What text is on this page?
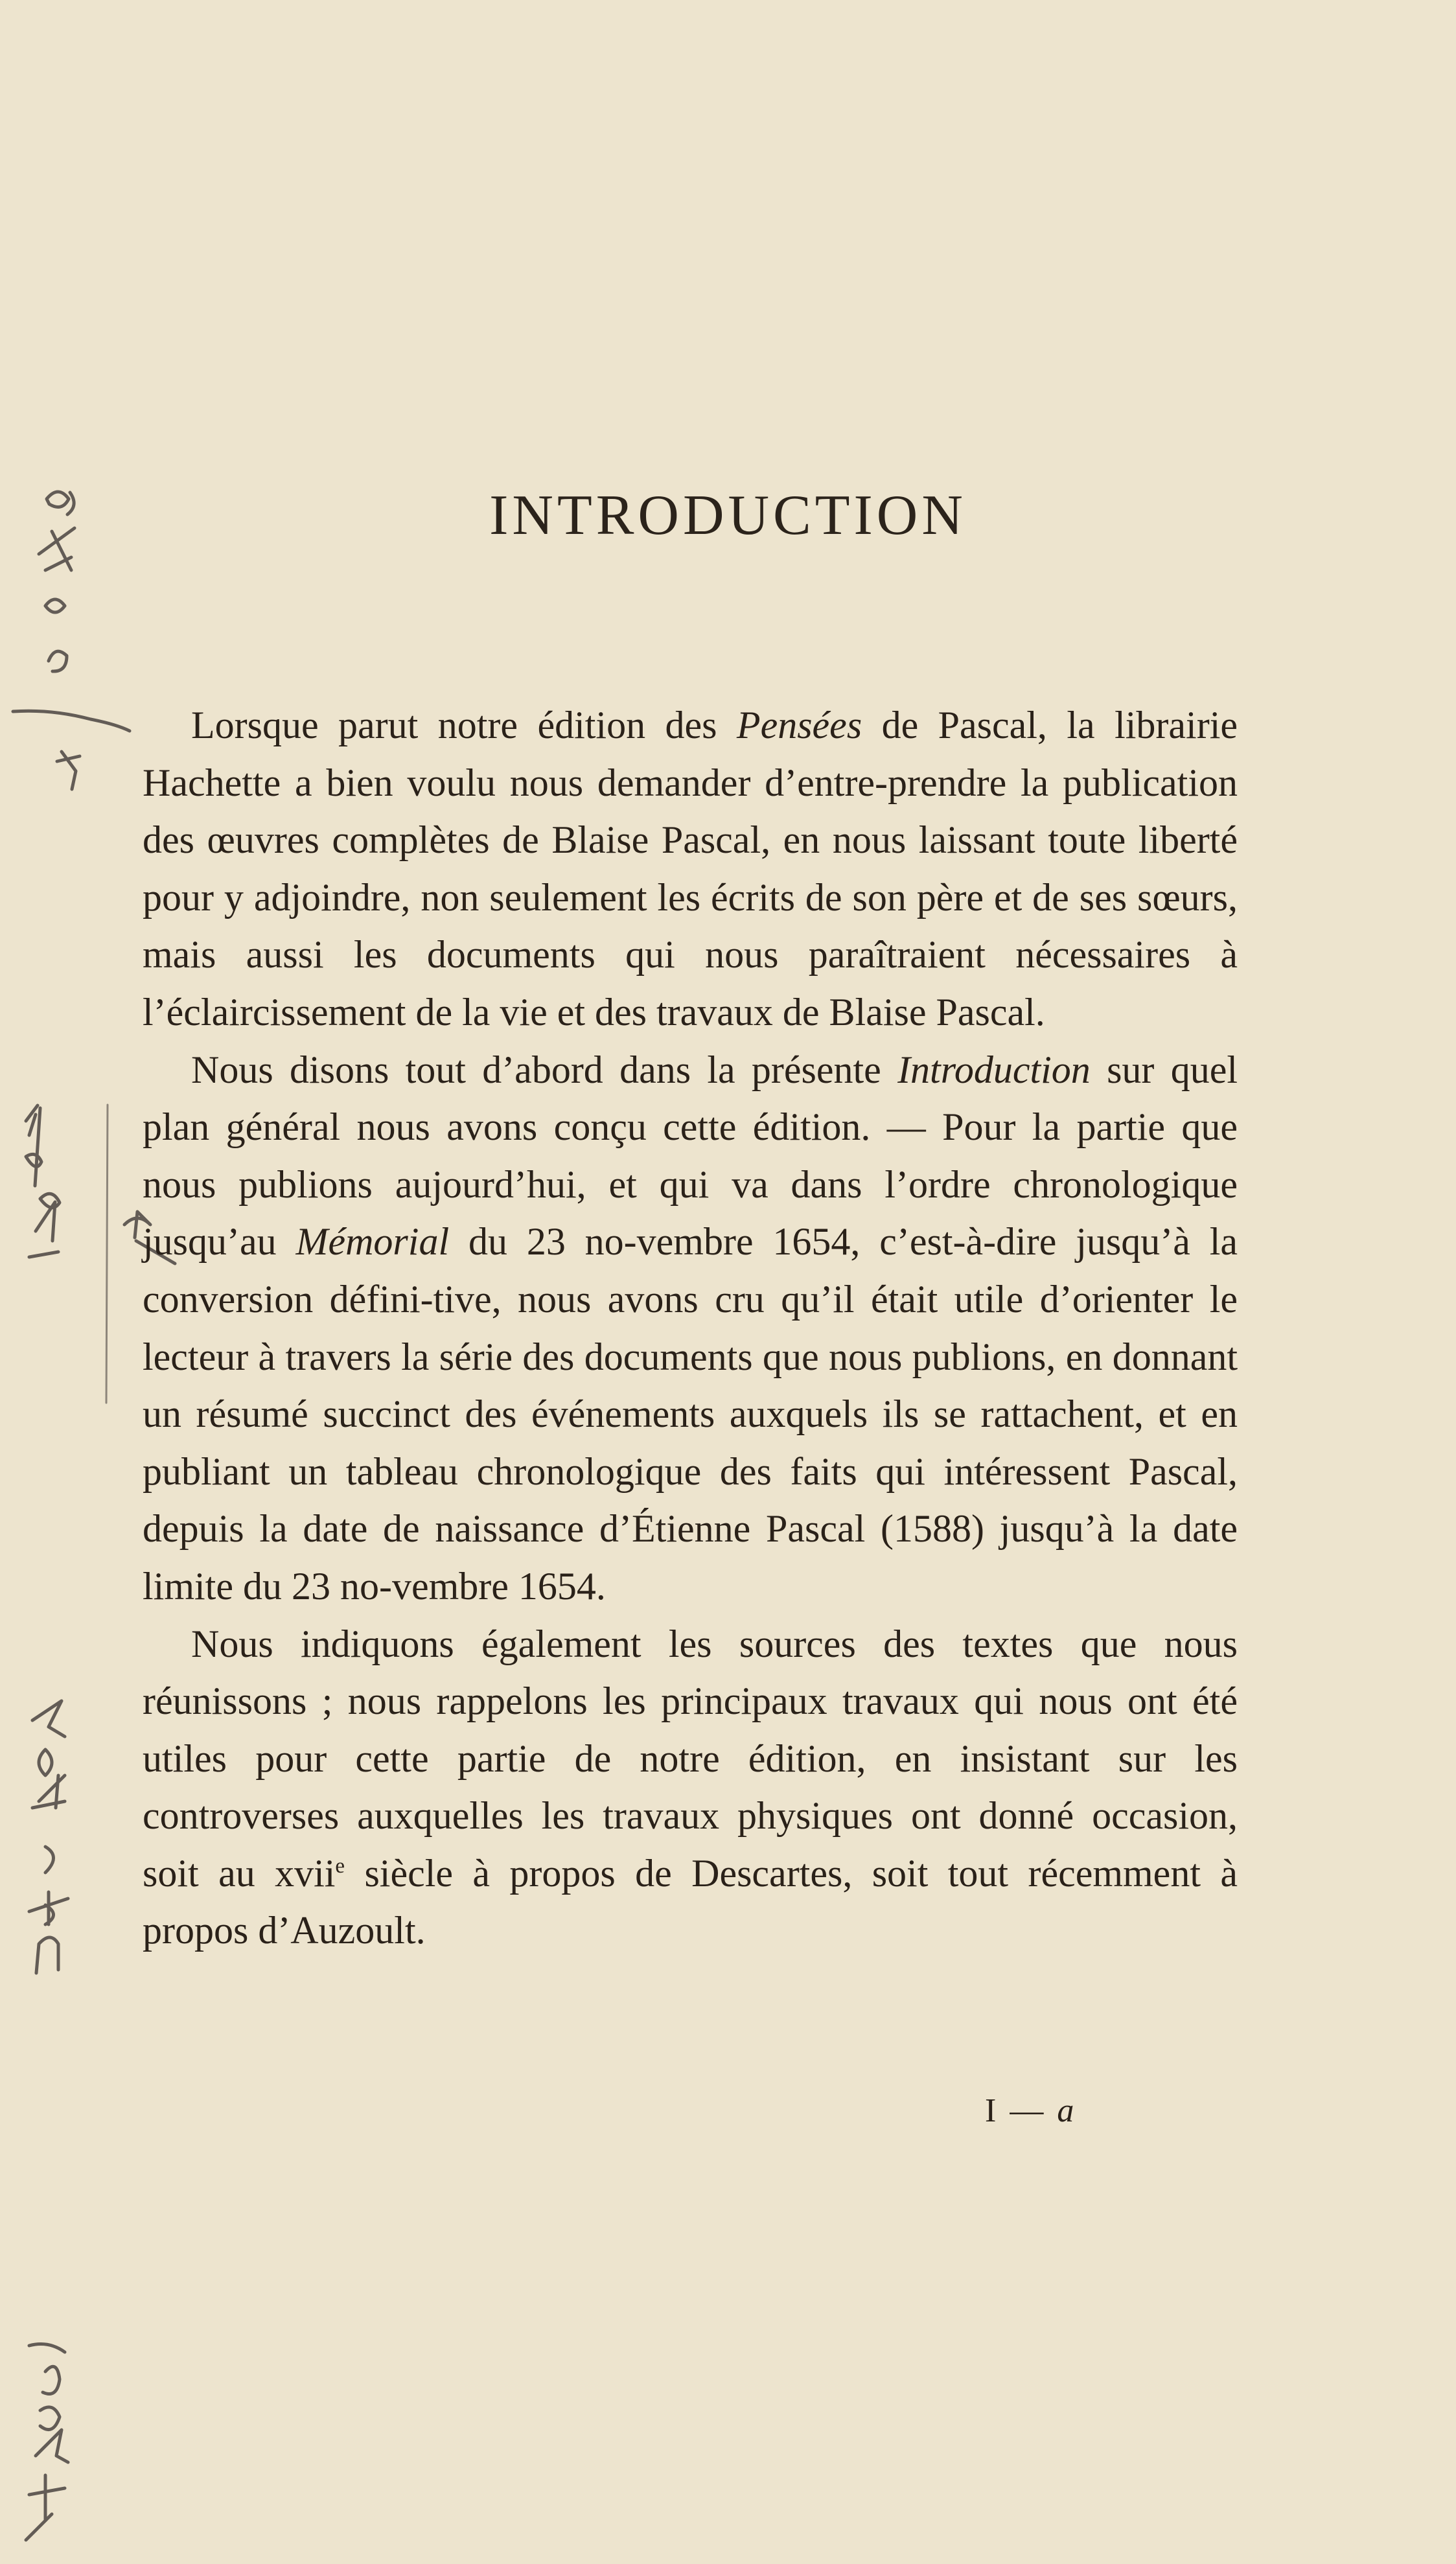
INTRODUCTION

Lorsque parut notre édition des Pensées de Pascal, la librairie Hachette a bien voulu nous demander d’entre-prendre la publication des œuvres complètes de Blaise Pascal, en nous laissant toute liberté pour y adjoindre, non seulement les écrits de son père et de ses sœurs, mais aussi les documents qui nous paraîtraient nécessaires à l’éclaircissement de la vie et des travaux de Blaise Pascal.

Nous disons tout d’abord dans la présente Introduction sur quel plan général nous avons conçu cette édition. — Pour la partie que nous publions aujourd’hui, et qui va dans l’ordre chronologique jusqu’au Mémorial du 23 no-vembre 1654, c’est-à-dire jusqu’à la conversion défini-tive, nous avons cru qu’il était utile d’orienter le lecteur à travers la série des documents que nous publions, en donnant un résumé succinct des événements auxquels ils se rattachent, et en publiant un tableau chronologique des faits qui intéressent Pascal, depuis la date de naissance d’Étienne Pascal (1588) jusqu’à la date limite du 23 no-vembre 1654.

Nous indiquons également les sources des textes que nous réunissons ; nous rappelons les principaux travaux qui nous ont été utiles pour cette partie de notre édition, en insistant sur les controverses auxquelles les travaux physiques ont donné occasion, soit au xvii$^e$ siècle à propos de Descartes, soit tout récemment à propos d’Auzoult.

I — a
